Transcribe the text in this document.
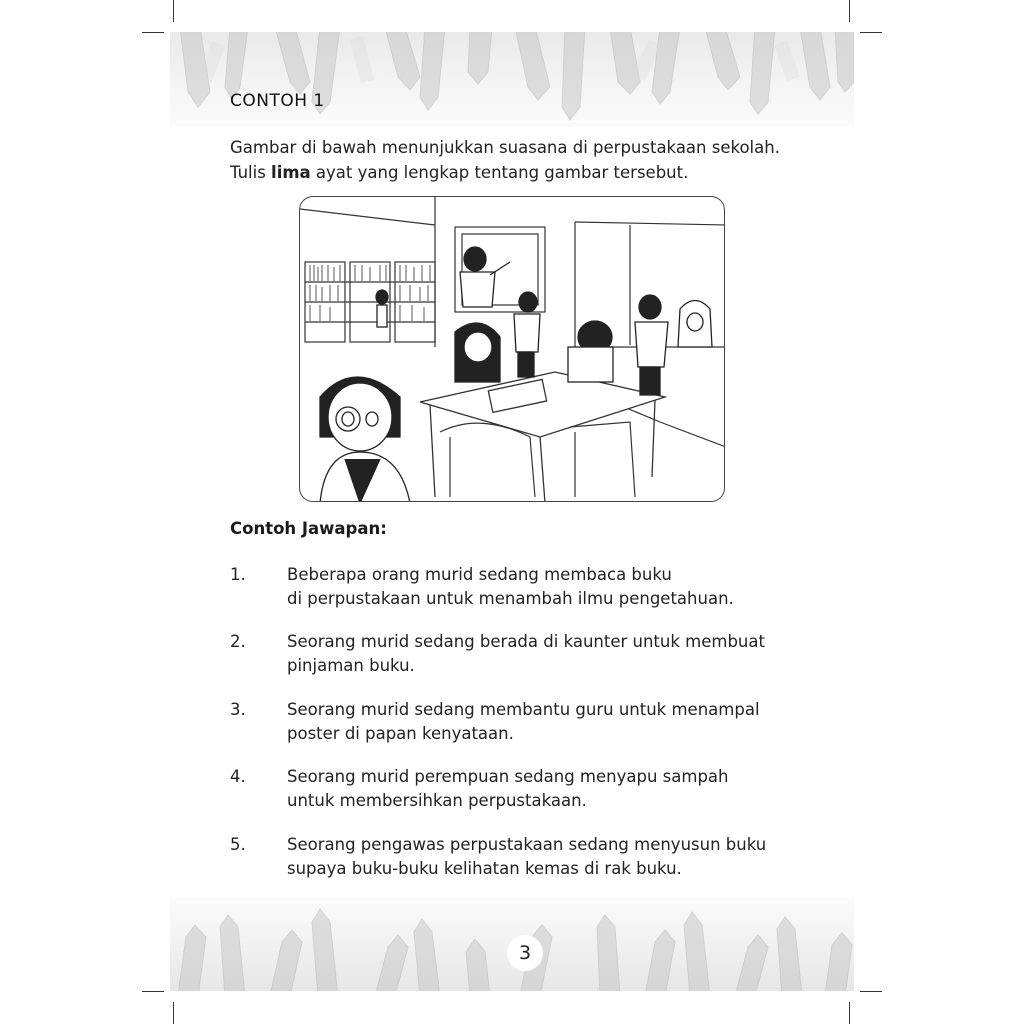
CONTOH 1
Gambar di bawah menunjukkan suasana di perpustakaan sekolah.
Tulis lima ayat yang lengkap tentang gambar tersebut.
Contoh Jawapan:
1.	Beberapa orang murid sedang membaca buku
di perpustakaan untuk menambah ilmu pengetahuan.
2.	Seorang murid sedang berada di kaunter untuk membuat
pinjaman buku.
3.	Seorang murid sedang membantu guru untuk menampal
poster di papan kenyataan.
4.	Seorang murid perempuan sedang menyapu sampah
untuk membersihkan perpustakaan.
5.	Seorang pengawas perpustakaan sedang menyusun buku
supaya buku-buku kelihatan kemas di rak buku.
3
